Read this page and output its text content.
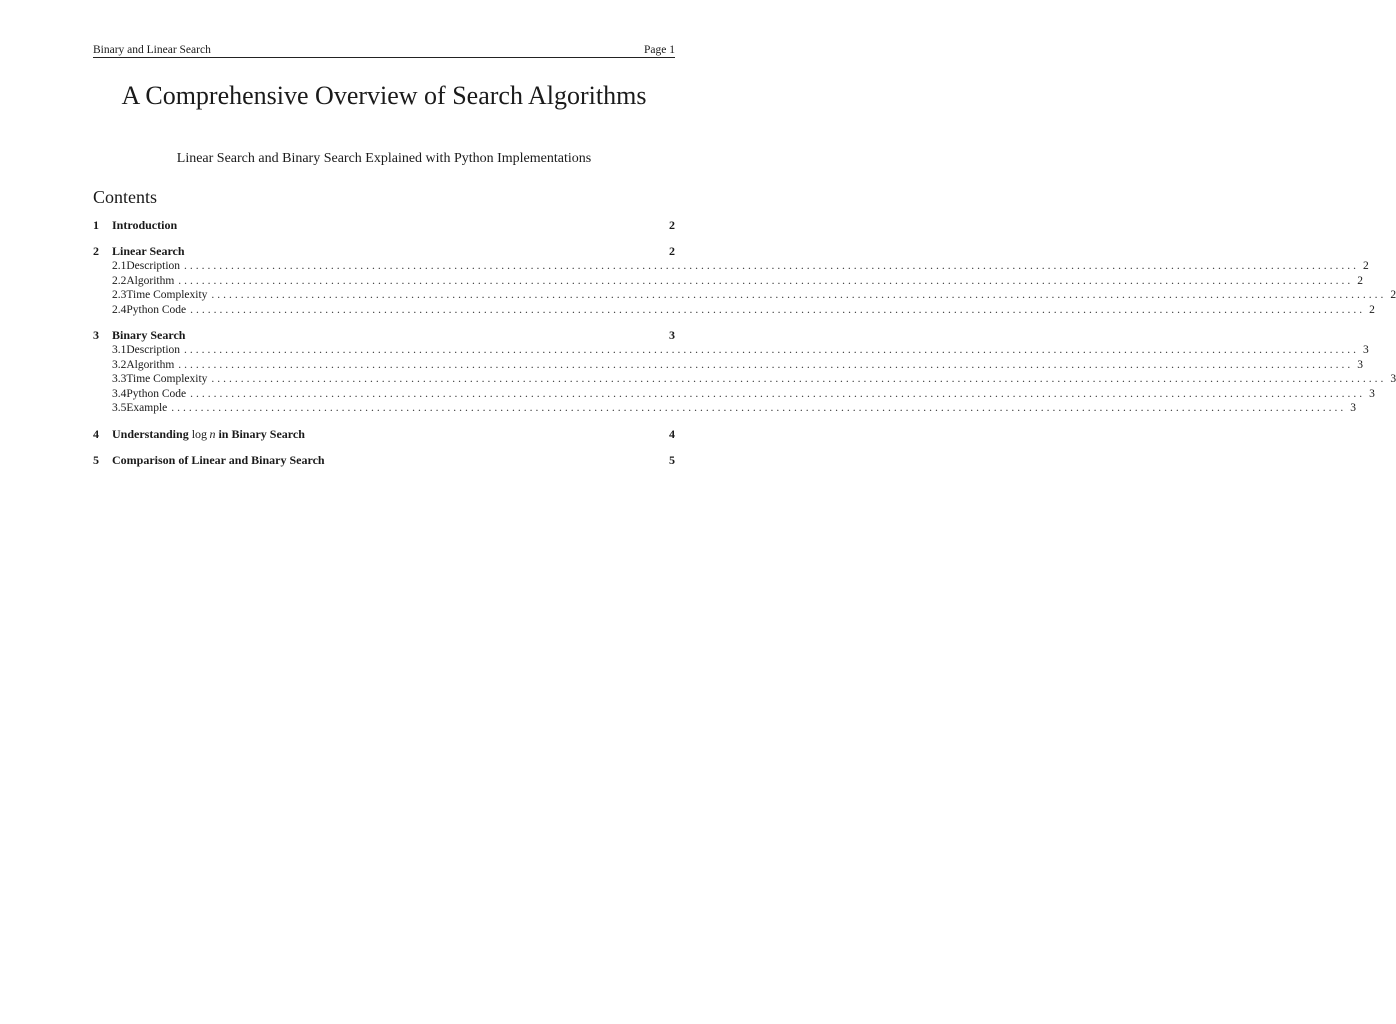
Binary and Linear Search	Page 1
A Comprehensive Overview of Search Algorithms

Linear Search and Binary Search Explained with Python Implementations

Contents
1	Introduction	2
2	Linear Search	2
2.1 Description ........................................................................................................................................................................................................ 2
2.2 Algorithm ........................................................................................................................................................................................................ 2
2.3 Time Complexity ........................................................................................................................................................................................................ 2
2.4 Python Code ........................................................................................................................................................................................................ 2
3	Binary Search	3
3.1 Description ........................................................................................................................................................................................................ 3
3.2 Algorithm ........................................................................................................................................................................................................ 3
3.3 Time Complexity ........................................................................................................................................................................................................ 3
3.4 Python Code ........................................................................................................................................................................................................ 3
3.5 Example ........................................................................................................................................................................................................ 3
4	Understanding log  n in Binary Search	4
5	Comparison of Linear and Binary Search	5
